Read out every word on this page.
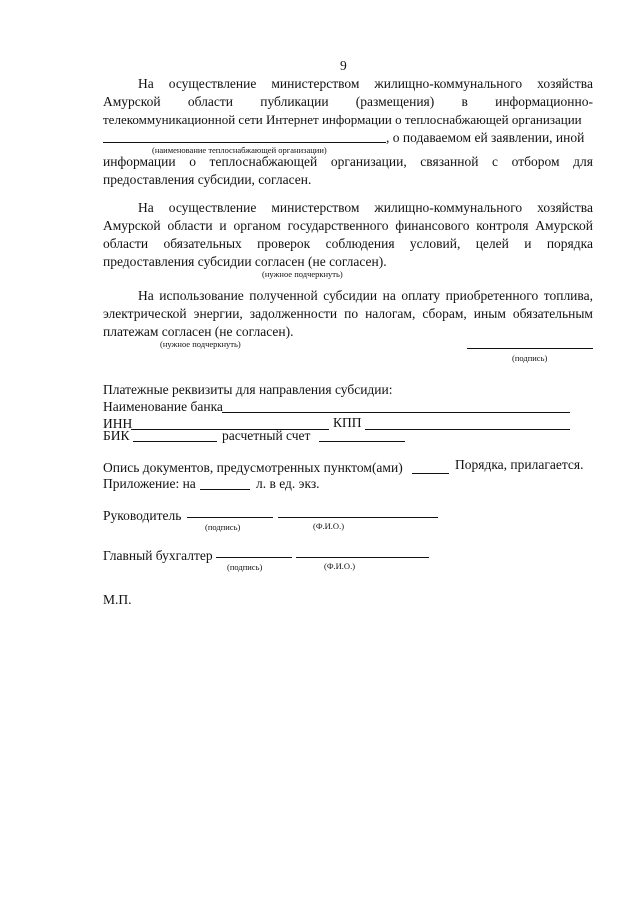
9
На осуществление министерством жилищно-коммунального хозяйства
Амурской области публикации (размещения) в информационно-
телекоммуникационной сети Интернет информации о теплоснабжающей организации
, о подаваемом ей заявлении, иной
(наименование теплоснабжающей организации)
информации о теплоснабжающей организации, связанной с отбором для
предоставления субсидии, согласен.
На осуществление министерством жилищно-коммунального хозяйства
Амурской области и органом государственного финансового контроля Амурской
области обязательных проверок соблюдения условий, целей и порядка
предоставления субсидии согласен (не согласен).
(нужное подчеркнуть)
На использование полученной субсидии на оплату приобретенного топлива,
электрической энергии, задолженности по налогам, сборам, иным обязательным
платежам согласен (не согласен).
(нужное подчеркнуть)
(подпись)
Платежные реквизиты для направления субсидии:
Наименование банка
ИНН	КПП
БИК	расчетный счет
Опись документов, предусмотренных пунктом(ами)	Порядка, прилагается.
Приложение: на	л. в ед. экз.
Руководитель
(подпись)	(Ф.И.О.)
Главный бухгалтер
(подпись)	(Ф.И.О.)
М.П.
